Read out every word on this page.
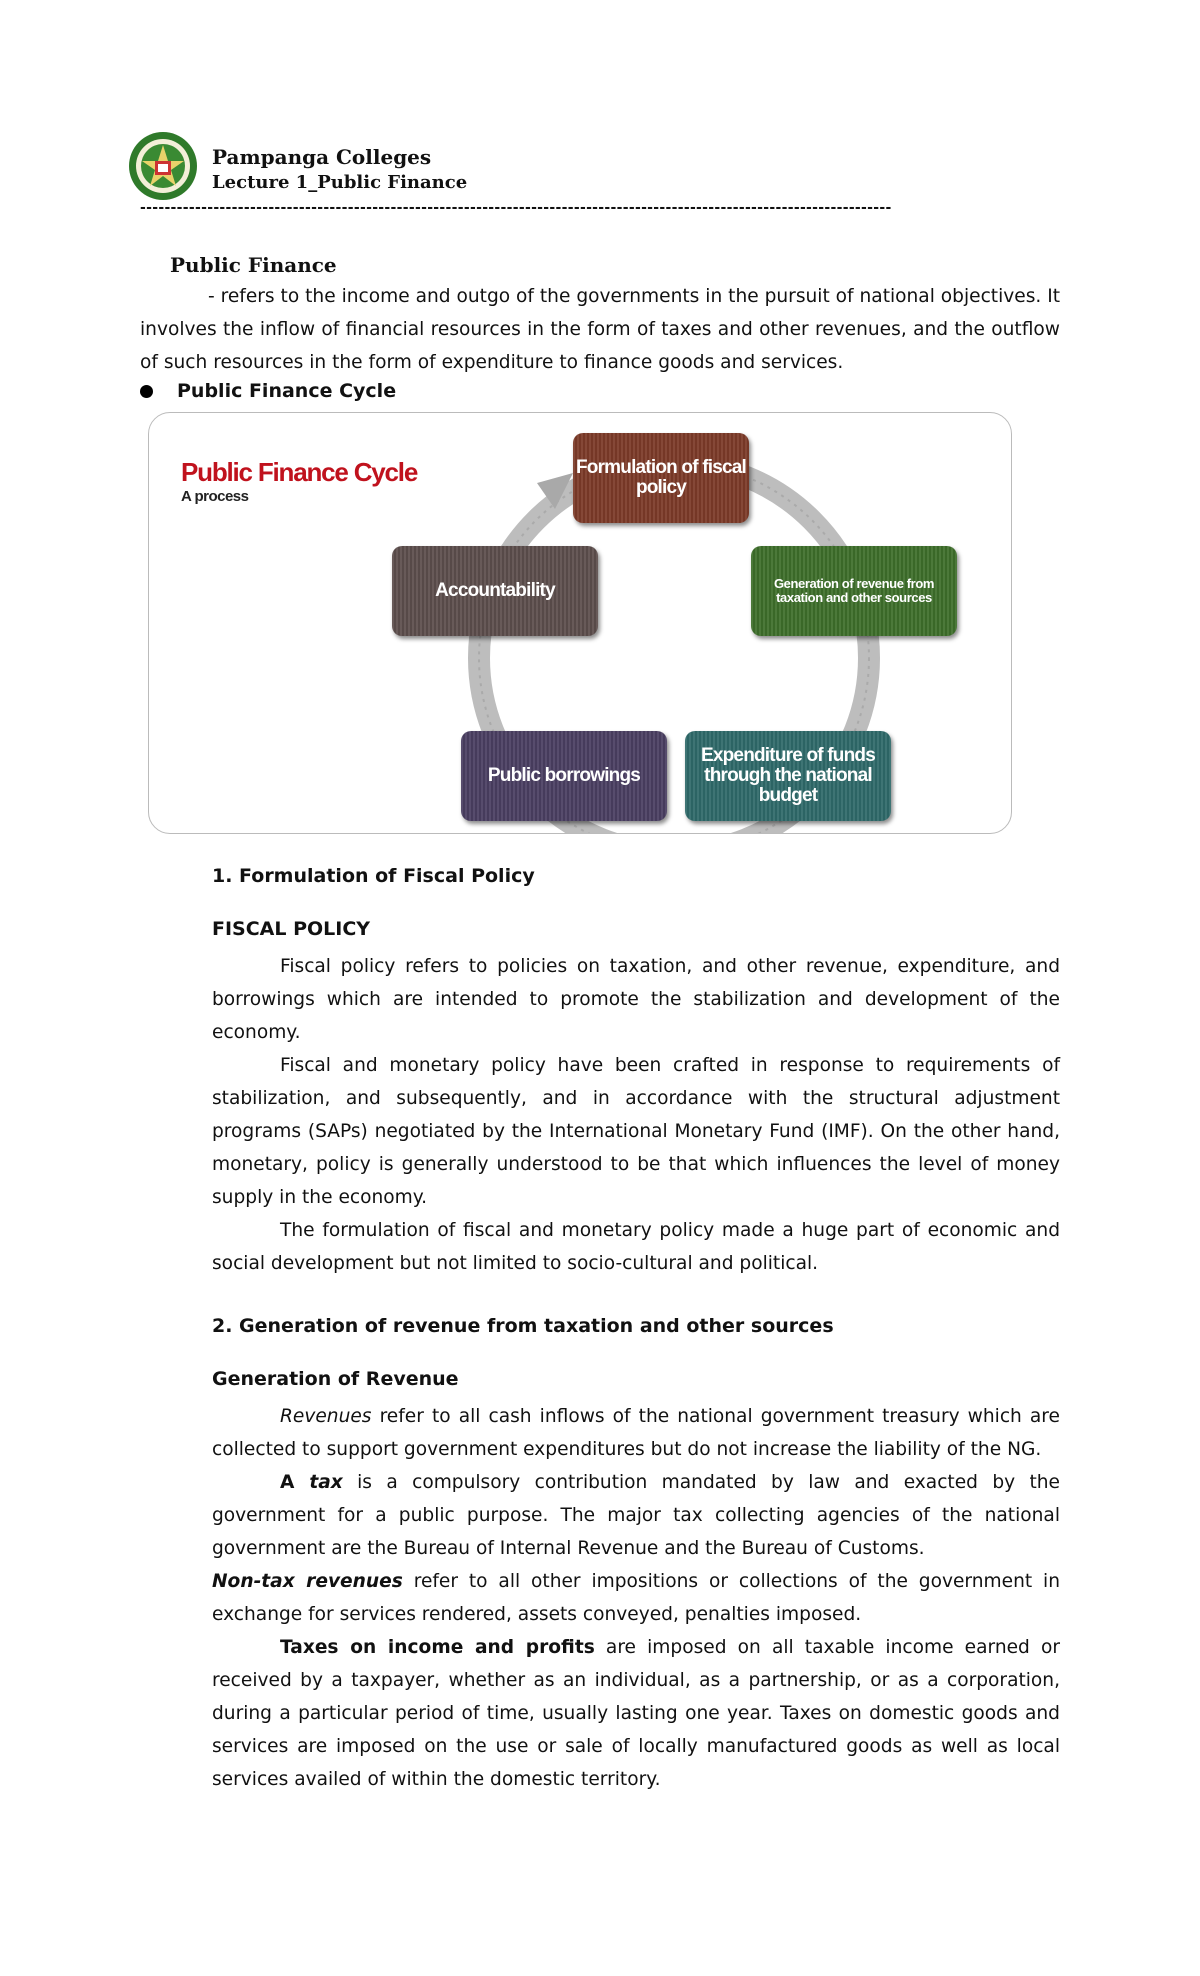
Pampanga Colleges
Lecture 1_Public Finance
---------------------------------------------------------------------------------------------------------------------------
Public Finance

- refers to the income and outgo of the governments in the pursuit of national objectives. It involves the inflow of financial resources in the form of taxes and other revenues, and the outflow of such resources in the form of expenditure to finance goods and services.

Public Finance Cycle
Public Finance Cycle
A process
Formulation of fiscal policy
Generation of revenue from taxation and other sources
Expenditure of funds through the national budget
Public borrowings
Accountability
1. Formulation of Fiscal Policy
FISCAL POLICY

Fiscal policy refers to policies on taxation, and other revenue, expenditure, and borrowings which are intended to promote the stabilization and development of the economy.

Fiscal and monetary policy have been crafted in response to requirements of stabilization, and subsequently, and in accordance with the structural adjustment programs (SAPs) negotiated by the International Monetary Fund (IMF). On the other hand, monetary, policy is generally understood to be that which influences the level of money supply in the economy.

The formulation of fiscal and monetary policy made a huge part of economic and social development but not limited to socio-cultural and political.

2. Generation of revenue from taxation and other sources
Generation of Revenue

Revenues refer to all cash inflows of the national government treasury which are collected to support government expenditures but do not increase the liability of the NG.

A tax is a compulsory contribution mandated by law and exacted by the government for a public purpose. The major tax collecting agencies of the national government are the Bureau of Internal Revenue and the Bureau of Customs.

Non-tax revenues refer to all other impositions or collections of the government in exchange for services rendered, assets conveyed, penalties imposed.

Taxes on income and profits are imposed on all taxable income earned or received by a taxpayer, whether as an individual, as a partnership, or as a corporation, during a particular period of time, usually lasting one year. Taxes on domestic goods and services are imposed on the use or sale of locally manufactured goods as well as local services availed of within the domestic territory.
